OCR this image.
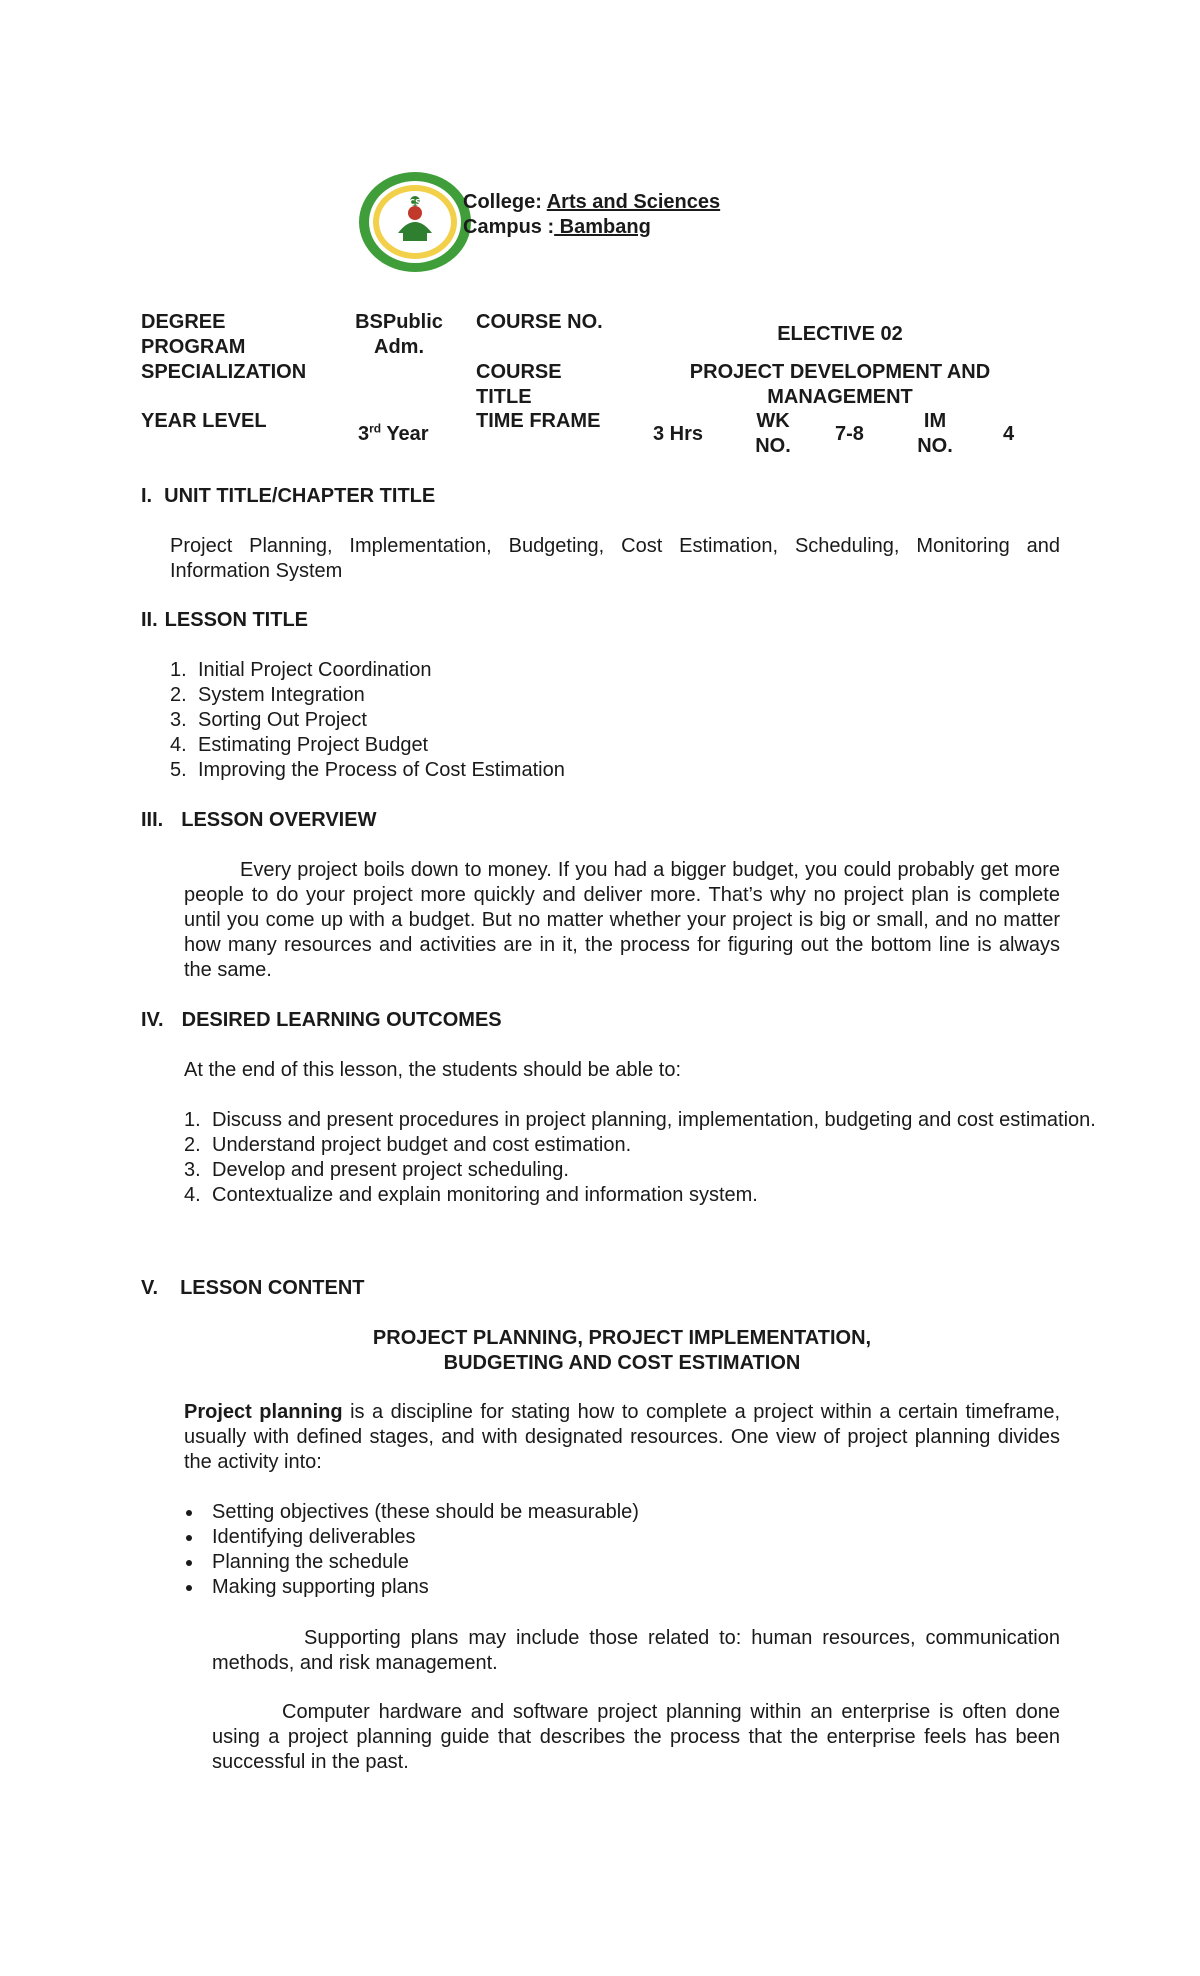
CS College: Arts and Sciences
Campus : Bambang
DEGREE
PROGRAM
BSPublic
Adm.
COURSE NO.
ELECTIVE 02
SPECIALIZATION	COURSE
TITLE
PROJECT DEVELOPMENT AND
MANAGEMENT
YEAR LEVEL
3rd Year
TIME FRAME
3 Hrs
WK
NO.
7-8
IM
NO.
4
I. UNIT TITLE/CHAPTER TITLE
Project Planning, Implementation, Budgeting, Cost Estimation, Scheduling, Monitoring and Information System
II. LESSON TITLE
1. Initial Project Coordination
2. System Integration
3. Sorting Out Project
4. Estimating Project Budget
5. Improving the Process of Cost Estimation
III. LESSON OVERVIEW
Every project boils down to money. If you had a bigger budget, you could probably get more people to do your project more quickly and deliver more. That’s why no project plan is complete until you come up with a budget. But no matter whether your project is big or small, and no matter how many resources and activities are in it, the process for figuring out the bottom line is always the same.
IV. DESIRED LEARNING OUTCOMES
At the end of this lesson, the students should be able to:
1. Discuss and present procedures in project planning, implementation, budgeting and cost estimation.
2. Understand project budget and cost estimation.
3. Develop and present project scheduling.
4. Contextualize and explain monitoring and information system.
V. LESSON CONTENT
PROJECT PLANNING, PROJECT IMPLEMENTATION,
BUDGETING AND COST ESTIMATION
Project planning is a discipline for stating how to complete a project within a certain timeframe, usually with defined stages, and with designated resources. One view of project planning divides the activity into:
Setting objectives (these should be measurable)
Identifying deliverables
Planning the schedule
Making supporting plans
Supporting plans may include those related to: human resources, communication methods, and risk management.
Computer hardware and software project planning within an enterprise is often done using a project planning guide that describes the process that the enterprise feels has been successful in the past.
